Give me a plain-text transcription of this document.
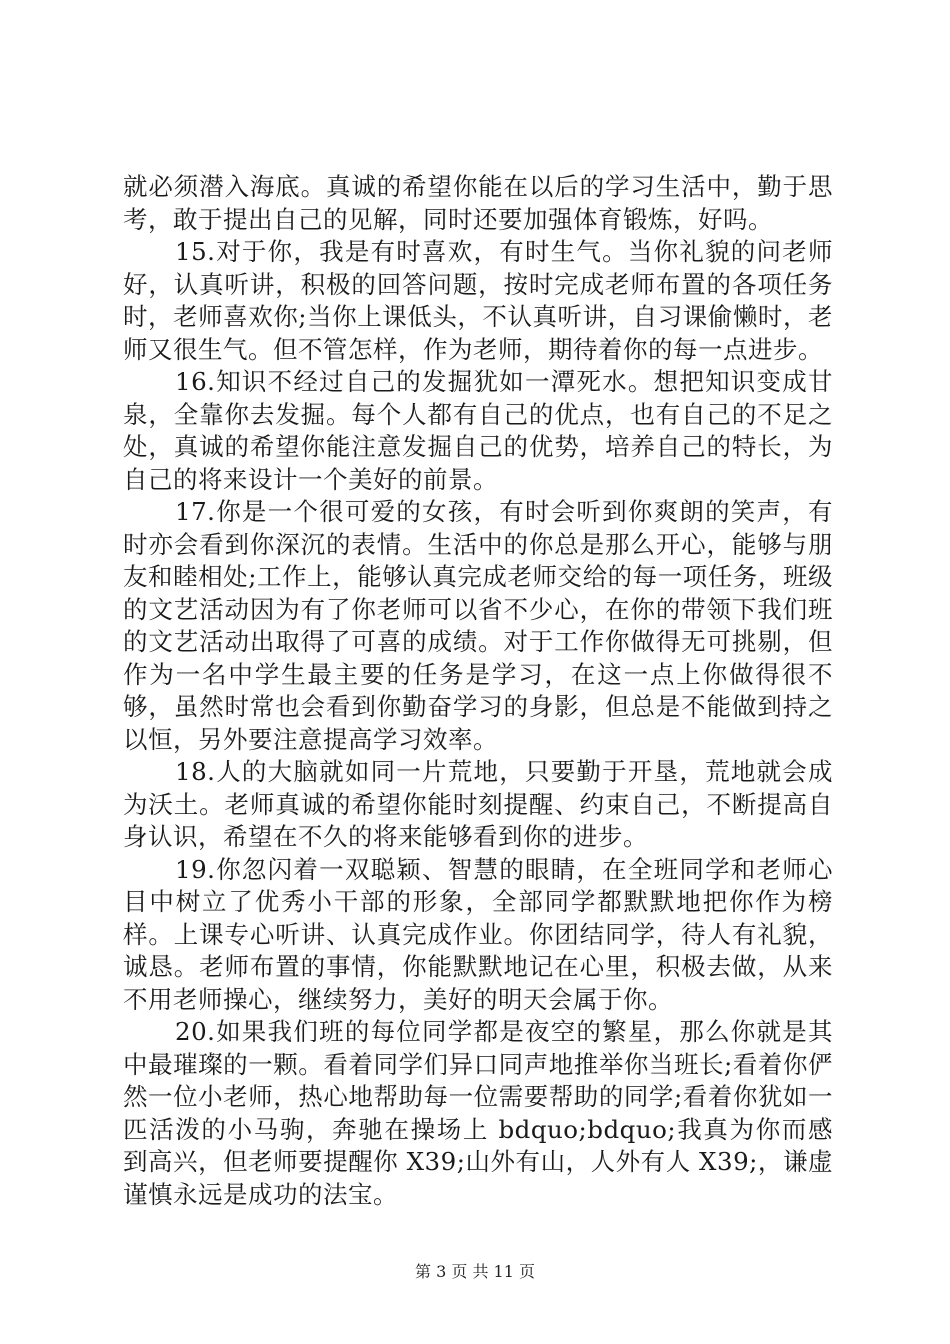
就必须潜入海底。真诚的希望你能在以后的学习生活中，勤于思考，敢于提出自己的见解，同时还要加强体育锻炼，好吗。

15.对于你，我是有时喜欢，有时生气。当你礼貌的问老师好，认真听讲，积极的回答问题，按时完成老师布置的各项任务时，老师喜欢你;当你上课低头，不认真听讲，自习课偷懒时，老师又很生气。但不管怎样，作为老师，期待着你的每一点进步。

16.知识不经过自己的发掘犹如一潭死水。想把知识变成甘泉，全靠你去发掘。每个人都有自己的优点，也有自己的不足之处，真诚的希望你能注意发掘自己的优势，培养自己的特长，为自己的将来设计一个美好的前景。

17.你是一个很可爱的女孩，有时会听到你爽朗的笑声，有时亦会看到你深沉的表情。生活中的你总是那么开心，能够与朋友和睦相处;工作上，能够认真完成老师交给的每一项任务，班级的文艺活动因为有了你老师可以省不少心，在你的带领下我们班的文艺活动出取得了可喜的成绩。对于工作你做得无可挑剔，但作为一名中学生最主要的任务是学习，在这一点上你做得很不够，虽然时常也会看到你勤奋学习的身影，但总是不能做到持之以恒，另外要注意提高学习效率。

18.人的大脑就如同一片荒地，只要勤于开垦，荒地就会成为沃土。老师真诚的希望你能时刻提醒、约束自己，不断提高自身认识，希望在不久的将来能够看到你的进步。

19.你忽闪着一双聪颖、智慧的眼睛，在全班同学和老师心目中树立了优秀小干部的形象，全部同学都默默地把你作为榜样。上课专心听讲、认真完成作业。你团结同学，待人有礼貌，诚恳。老师布置的事情，你能默默地记在心里，积极去做，从来不用老师操心，继续努力，美好的明天会属于你。

20.如果我们班的每位同学都是夜空的繁星，那么你就是其中最璀璨的一颗。看着同学们异口同声地推举你当班长;看着你俨然一位小老师，热心地帮助每一位需要帮助的同学;看着你犹如一匹活泼的小马驹，奔驰在操场上 bdquo;bdquo;我真为你而感到高兴，但老师要提醒你 X39;山外有山，人外有人 X39;，谦虚谨慎永远是成功的法宝。

第 3 页 共 11 页
